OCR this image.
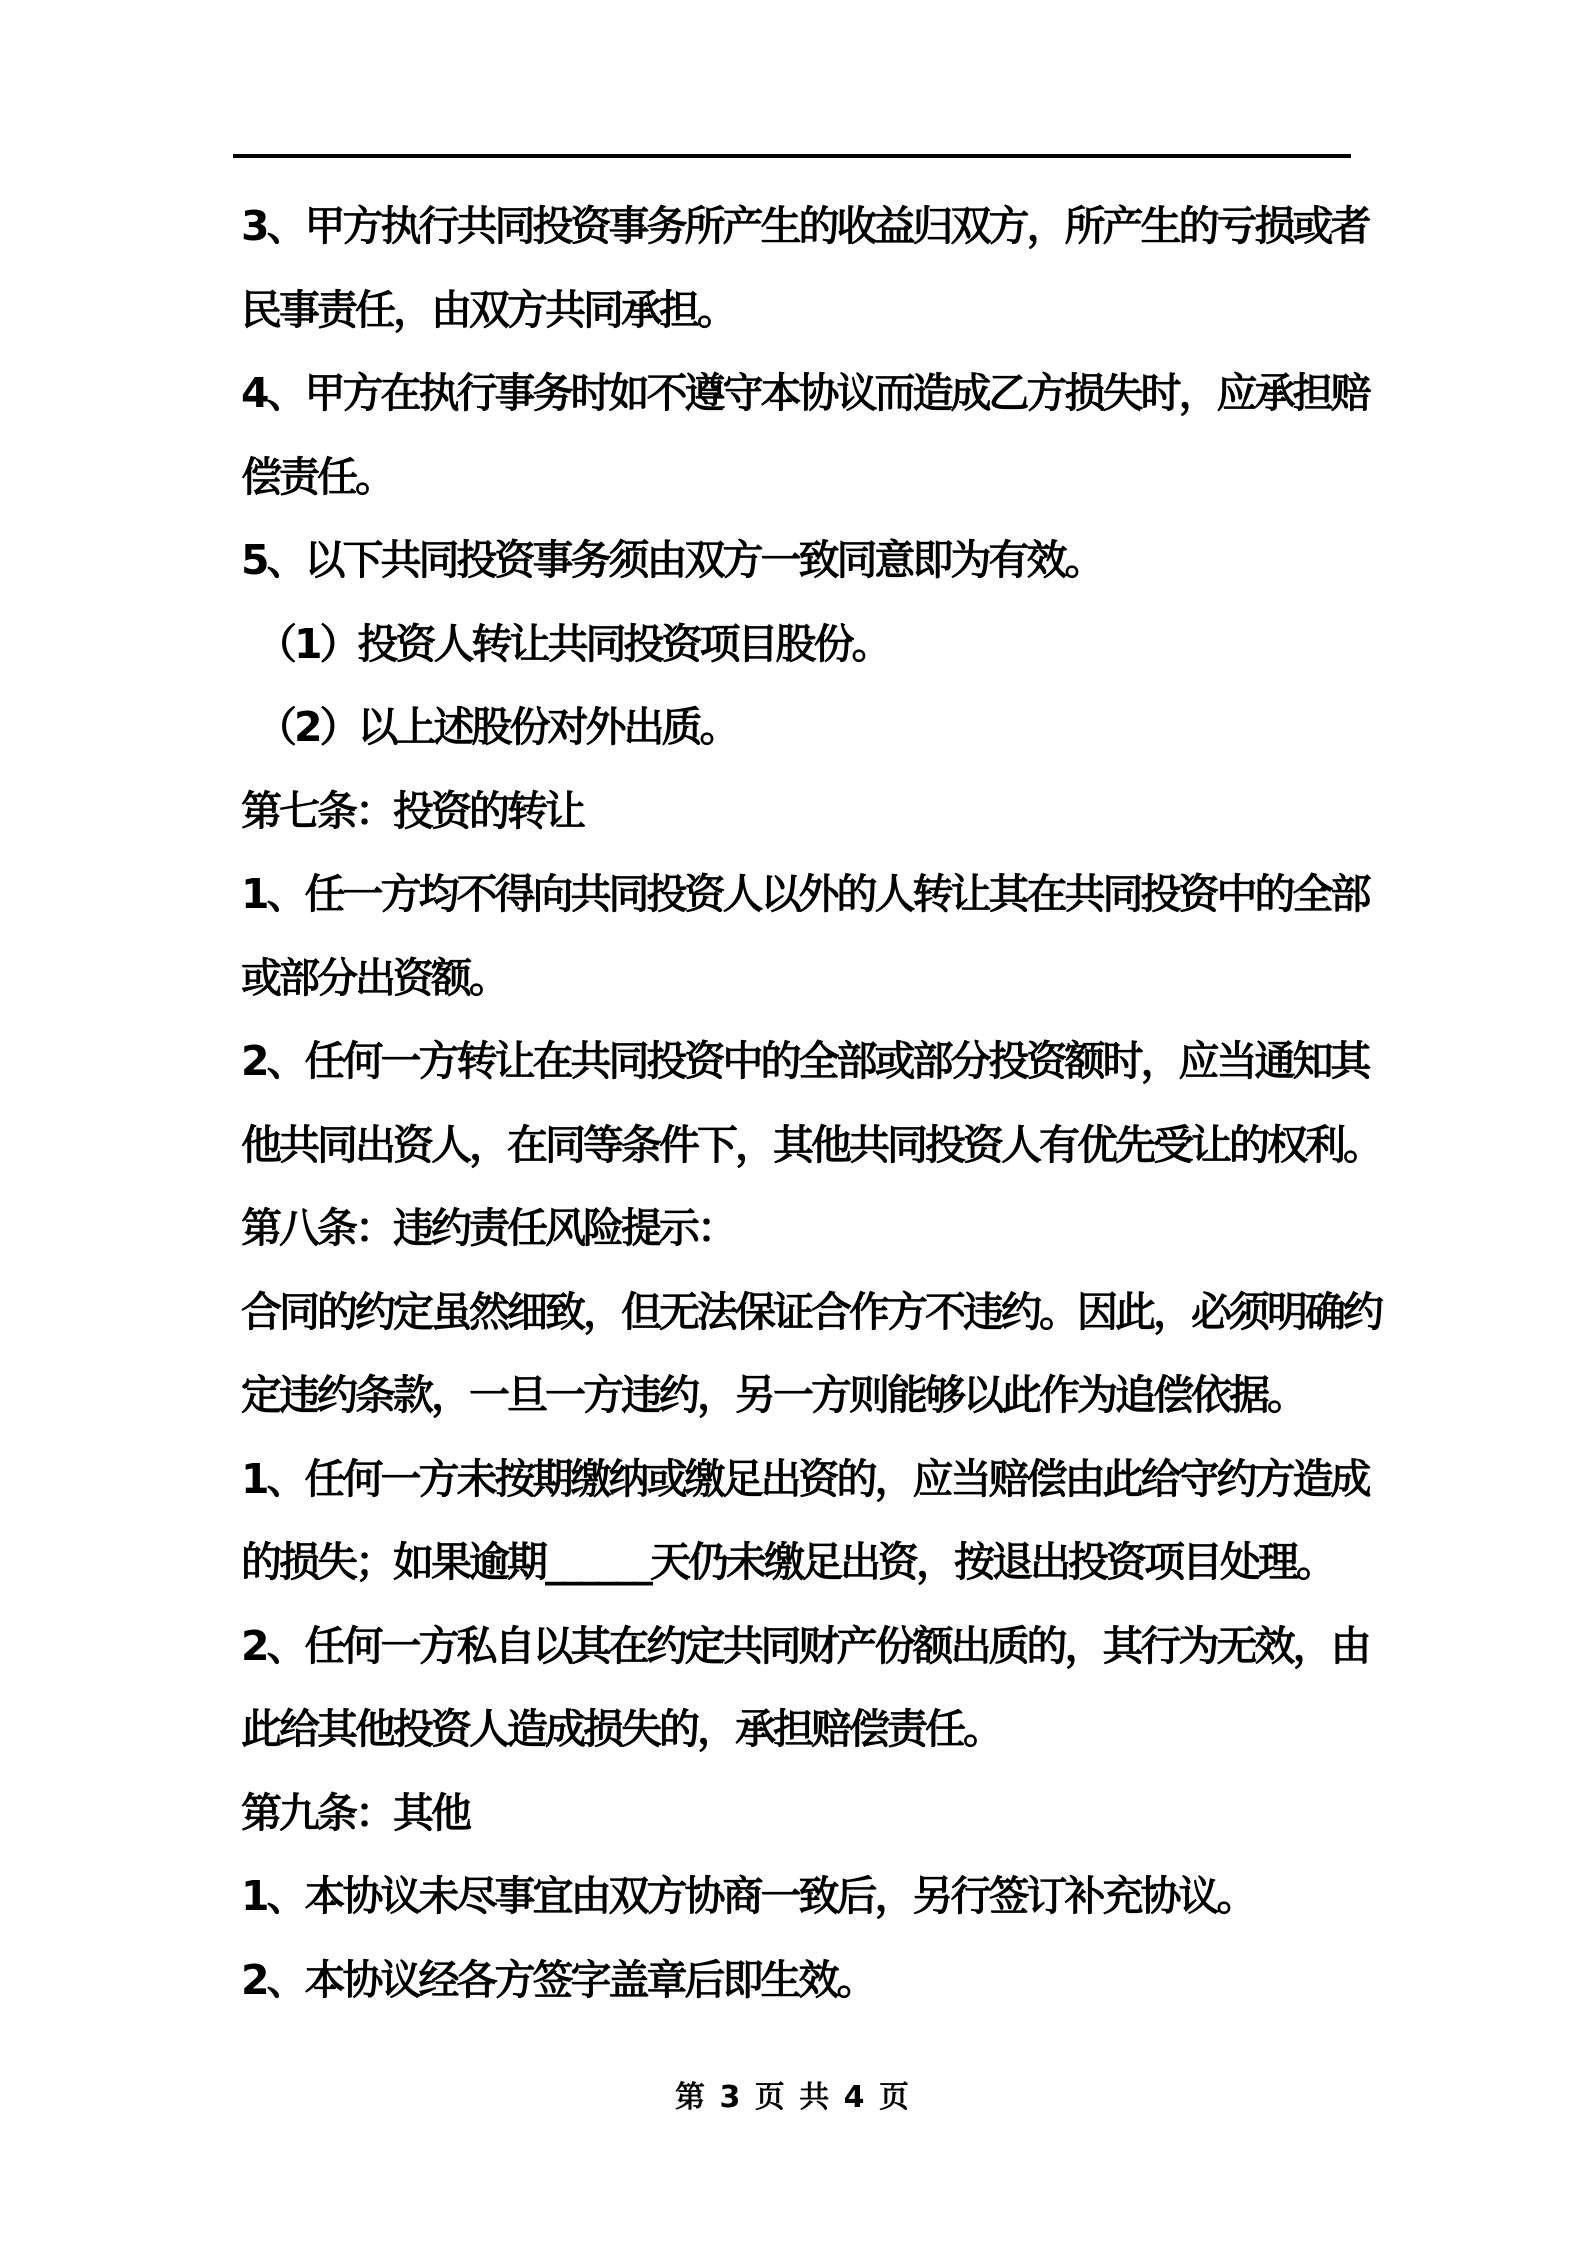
3、甲方执行共同投资事务所产生的收益归双方，所产生的亏损或者
民事责任，由双方共同承担。
4、甲方在执行事务时如不遵守本协议而造成乙方损失时，应承担赔
偿责任。
5、以下共同投资事务须由双方一致同意即为有效。
（1）投资人转让共同投资项目股份。
（2）以上述股份对外出质。
第七条：投资的转让
1、任一方均不得向共同投资人以外的人转让其在共同投资中的全部
或部分出资额。
2、任何一方转让在共同投资中的全部或部分投资额时，应当通知其
他共同出资人，在同等条件下，其他共同投资人有优先受让的权利。
第八条：违约责任风险提示：
合同的约定虽然细致，但无法保证合作方不违约。因此，必须明确约
定违约条款，一旦一方违约，另一方则能够以此作为追偿依据。
1、任何一方未按期缴纳或缴足出资的，应当赔偿由此给守约方造成
的损失；如果逾期______天仍未缴足出资，按退出投资项目处理。
2、任何一方私自以其在约定共同财产份额出质的，其行为无效，由
此给其他投资人造成损失的，承担赔偿责任。
第九条：其他
1、本协议未尽事宜由双方协商一致后，另行签订补充协议。
2、本协议经各方签字盖章后即生效。
第 3 页 共 4 页
